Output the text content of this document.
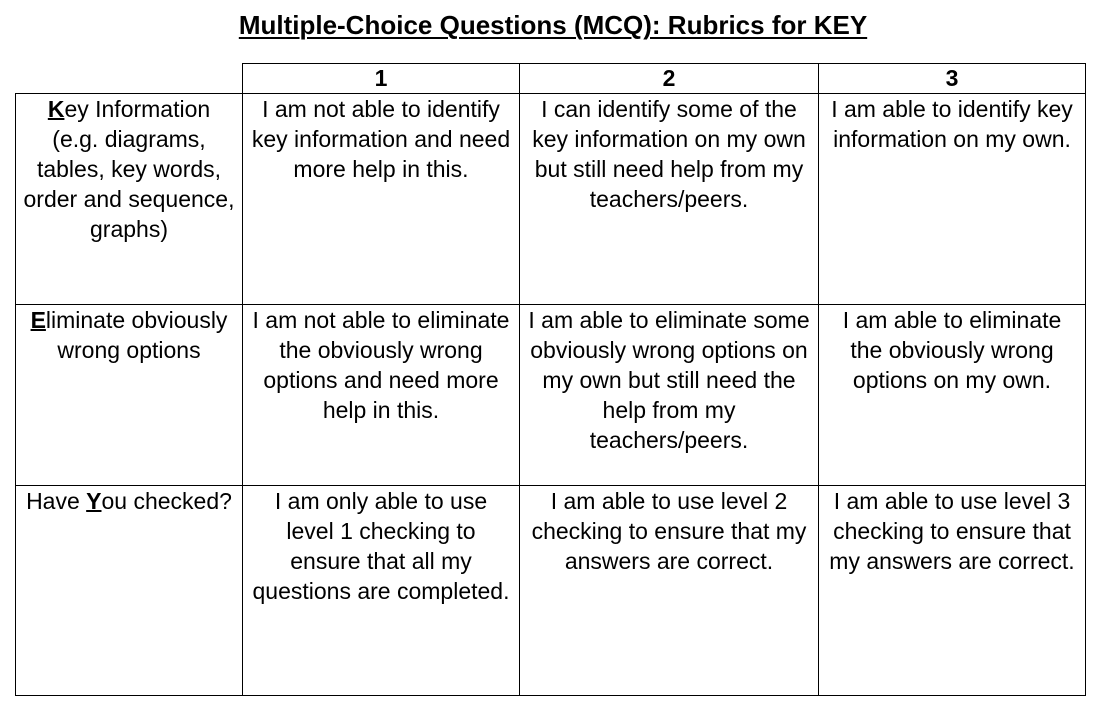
Multiple-Choice Questions (MCQ): Rubrics for KEY
	1	2	3
Key Information (e.g. diagrams, tables, key words, order and sequence, graphs)	I am not able to identify key information and need more help in this.	I can identify some of the key information on my own but still need help from my teachers/peers.	I am able to identify key information on my own.
Eliminate obviously wrong options	I am not able to eliminate the obviously wrong options and need more help in this.	I am able to eliminate some obviously wrong options on my own but still need the help from my teachers/peers.	I am able to eliminate the obviously wrong options on my own.
Have You checked?	I am only able to use level 1 checking to ensure that all my questions are completed.	I am able to use level 2 checking to ensure that my answers are correct.	I am able to use level 3 checking to ensure that my answers are correct.
